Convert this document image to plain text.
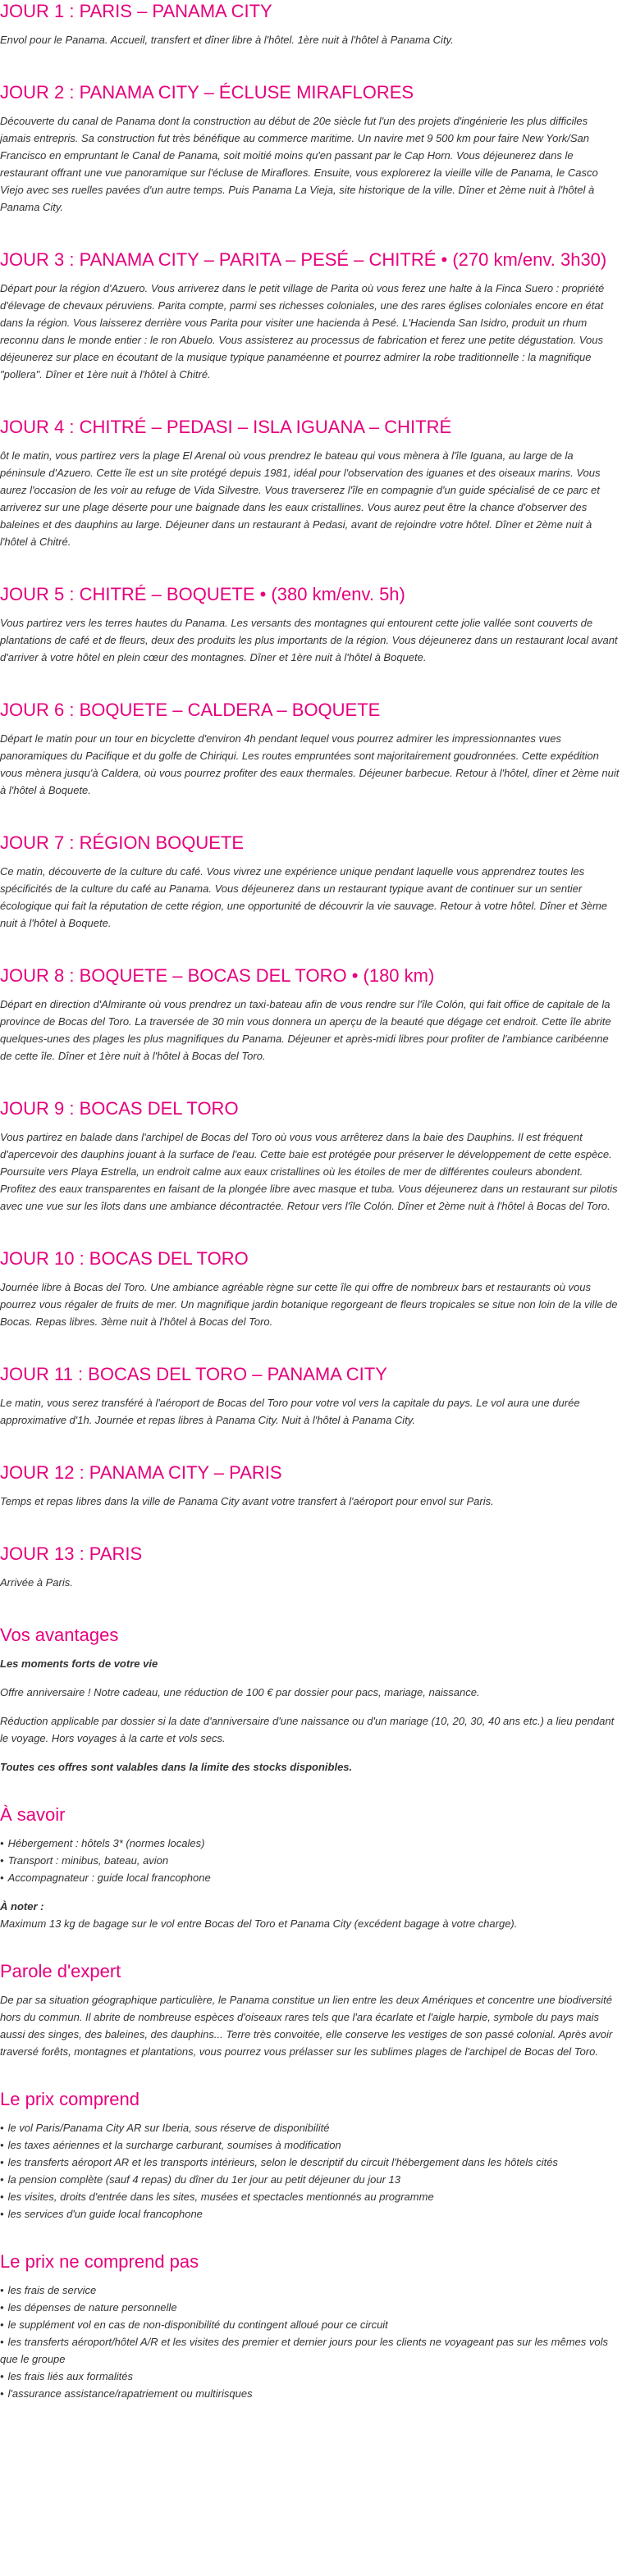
JOUR 1 : PARIS – PANAMA CITY

Envol pour le Panama. Accueil, transfert et dîner libre à l'hôtel. 1ère nuit à l'hôtel à Panama City.

JOUR 2 : PANAMA CITY – ÉCLUSE MIRAFLORES

Découverte du canal de Panama dont la construction au début de 20e siècle fut l'un des projets d'ingénierie les plus difficiles jamais entrepris. Sa construction fut très bénéfique au commerce maritime. Un navire met 9 500 km pour faire New York/San Francisco en empruntant le Canal de Panama, soit moitié moins qu'en passant par le Cap Horn. Vous déjeunerez dans le restaurant offrant une vue panoramique sur l'écluse de Miraflores. Ensuite, vous explorerez la vieille ville de Panama, le Casco Viejo avec ses ruelles pavées d'un autre temps. Puis Panama La Vieja, site historique de la ville. Dîner et 2ème nuit à l'hôtel à Panama City.

JOUR 3 : PANAMA CITY – PARITA – PESÉ – CHITRÉ • (270 km/env. 3h30)

Départ pour la région d'Azuero. Vous arriverez dans le petit village de Parita où vous ferez une halte à la Finca Suero : propriété d'élevage de chevaux péruviens. Parita compte, parmi ses richesses coloniales, une des rares églises coloniales encore en état dans la région. Vous laisserez derrière vous Parita pour visiter une hacienda à Pesé. L'Hacienda San Isidro, produit un rhum reconnu dans le monde entier : le ron Abuelo. Vous assisterez au processus de fabrication et ferez une petite dégustation. Vous déjeunerez sur place en écoutant de la musique typique panaméenne et pourrez admirer la robe traditionnelle : la magnifique "pollera". Dîner et 1ère nuit à l'hôtel à Chitré.

JOUR 4 : CHITRÉ – PEDASI – ISLA IGUANA – CHITRÉ

ôt le matin, vous partirez vers la plage El Arenal où vous prendrez le bateau qui vous mènera à l'île Iguana, au large de la péninsule d'Azuero. Cette île est un site protégé depuis 1981, idéal pour l'observation des iguanes et des oiseaux marins. Vous aurez l'occasion de les voir au refuge de Vida Silvestre. Vous traverserez l'île en compagnie d'un guide spécialisé de ce parc et arriverez sur une plage déserte pour une baignade dans les eaux cristallines. Vous aurez peut être la chance d'observer des baleines et des dauphins au large. Déjeuner dans un restaurant à Pedasi, avant de rejoindre votre hôtel. Dîner et 2ème nuit à l'hôtel à Chitré.

JOUR 5 : CHITRÉ – BOQUETE • (380 km/env. 5h)

Vous partirez vers les terres hautes du Panama. Les versants des montagnes qui entourent cette jolie vallée sont couverts de plantations de café et de fleurs, deux des produits les plus importants de la région. Vous déjeunerez dans un restaurant local avant d'arriver à votre hôtel en plein cœur des montagnes. Dîner et 1ère nuit à l'hôtel à Boquete.

JOUR 6 : BOQUETE – CALDERA – BOQUETE

Départ le matin pour un tour en bicyclette d'environ 4h pendant lequel vous pourrez admirer les impressionnantes vues panoramiques du Pacifique et du golfe de Chiriqui. Les routes empruntées sont majoritairement goudronnées. Cette expédition vous mènera jusqu'à Caldera, où vous pourrez profiter des eaux thermales. Déjeuner barbecue. Retour à l'hôtel, dîner et 2ème nuit à l'hôtel à Boquete.

JOUR 7 : RÉGION BOQUETE

Ce matin, découverte de la culture du café. Vous vivrez une expérience unique pendant laquelle vous apprendrez toutes les spécificités de la culture du café au Panama. Vous déjeunerez dans un restaurant typique avant de continuer sur un sentier écologique qui fait la réputation de cette région, une opportunité de découvrir la vie sauvage. Retour à votre hôtel. Dîner et 3ème nuit à l'hôtel à Boquete.

JOUR 8 : BOQUETE – BOCAS DEL TORO • (180 km)

Départ en direction d'Almirante où vous prendrez un taxi-bateau afin de vous rendre sur l'île Colón, qui fait office de capitale de la province de Bocas del Toro. La traversée de 30 min vous donnera un aperçu de la beauté que dégage cet endroit. Cette île abrite quelques-unes des plages les plus magnifiques du Panama. Déjeuner et après-midi libres pour profiter de l'ambiance caribéenne de cette île. Dîner et 1ère nuit à l'hôtel à Bocas del Toro.

JOUR 9 : BOCAS DEL TORO

Vous partirez en balade dans l'archipel de Bocas del Toro où vous vous arrêterez dans la baie des Dauphins. Il est fréquent d'apercevoir des dauphins jouant à la surface de l'eau. Cette baie est protégée pour préserver le développement de cette espèce. Poursuite vers Playa Estrella, un endroit calme aux eaux cristallines où les étoiles de mer de différentes couleurs abondent. Profitez des eaux transparentes en faisant de la plongée libre avec masque et tuba. Vous déjeunerez dans un restaurant sur pilotis avec une vue sur les îlots dans une ambiance décontractée. Retour vers l'île Colón. Dîner et 2ème nuit à l'hôtel à Bocas del Toro.

JOUR 10 : BOCAS DEL TORO

Journée libre à Bocas del Toro. Une ambiance agréable règne sur cette île qui offre de nombreux bars et restaurants où vous pourrez vous régaler de fruits de mer. Un magnifique jardin botanique regorgeant de fleurs tropicales se situe non loin de la ville de Bocas. Repas libres. 3ème nuit à l'hôtel à Bocas del Toro.

JOUR 11 : BOCAS DEL TORO – PANAMA CITY

Le matin, vous serez transféré à l'aéroport de Bocas del Toro pour votre vol vers la capitale du pays. Le vol aura une durée approximative d'1h. Journée et repas libres à Panama City. Nuit à l'hôtel à Panama City.

JOUR 12 : PANAMA CITY – PARIS

Temps et repas libres dans la ville de Panama City avant votre transfert à l'aéroport pour envol sur Paris.

JOUR 13 : PARIS

Arrivée à Paris.

Vos avantages

Les moments forts de votre vie

Offre anniversaire ! Notre cadeau, une réduction de 100 € par dossier pour pacs, mariage, naissance.

Réduction applicable par dossier si la date d'anniversaire d'une naissance ou d'un mariage (10, 20, 30, 40 ans etc.) a lieu pendant le voyage. Hors voyages à la carte et vols secs.

Toutes ces offres sont valables dans la limite des stocks disponibles.

À savoir
• Hébergement : hôtels 3* (normes locales)
• Transport : minibus, bateau, avion
• Accompagnateur : guide local francophone

À noter :

Maximum 13 kg de bagage sur le vol entre Bocas del Toro et Panama City (excédent bagage à votre charge).

Parole d'expert

De par sa situation géographique particulière, le Panama constitue un lien entre les deux Amériques et concentre une biodiversité hors du commun. Il abrite de nombreuse espèces d'oiseaux rares tels que l'ara écarlate et l'aigle harpie, symbole du pays mais aussi des singes, des baleines, des dauphins... Terre très convoitée, elle conserve les vestiges de son passé colonial. Après avoir traversé forêts, montagnes et plantations, vous pourrez vous prélasser sur les sublimes plages de l'archipel de Bocas del Toro.

Le prix comprend
• le vol Paris/Panama City AR sur Iberia, sous réserve de disponibilité
• les taxes aériennes et la surcharge carburant, soumises à modification
• les transferts aéroport AR et les transports intérieurs, selon le descriptif du circuit l'hébergement dans les hôtels cités
• la pension complète (sauf 4 repas) du dîner du 1er jour au petit déjeuner du jour 13
• les visites, droits d'entrée dans les sites, musées et spectacles mentionnés au programme
• les services d'un guide local francophone
Le prix ne comprend pas
• les frais de service
• les dépenses de nature personnelle
• le supplément vol en cas de non-disponibilité du contingent alloué pour ce circuit
• les transferts aéroport/hôtel A/R et les visites des premier et dernier jours pour les clients ne voyageant pas sur les mêmes vols que le groupe
• les frais liés aux formalités
• l'assurance assistance/rapatriement ou multirisques
